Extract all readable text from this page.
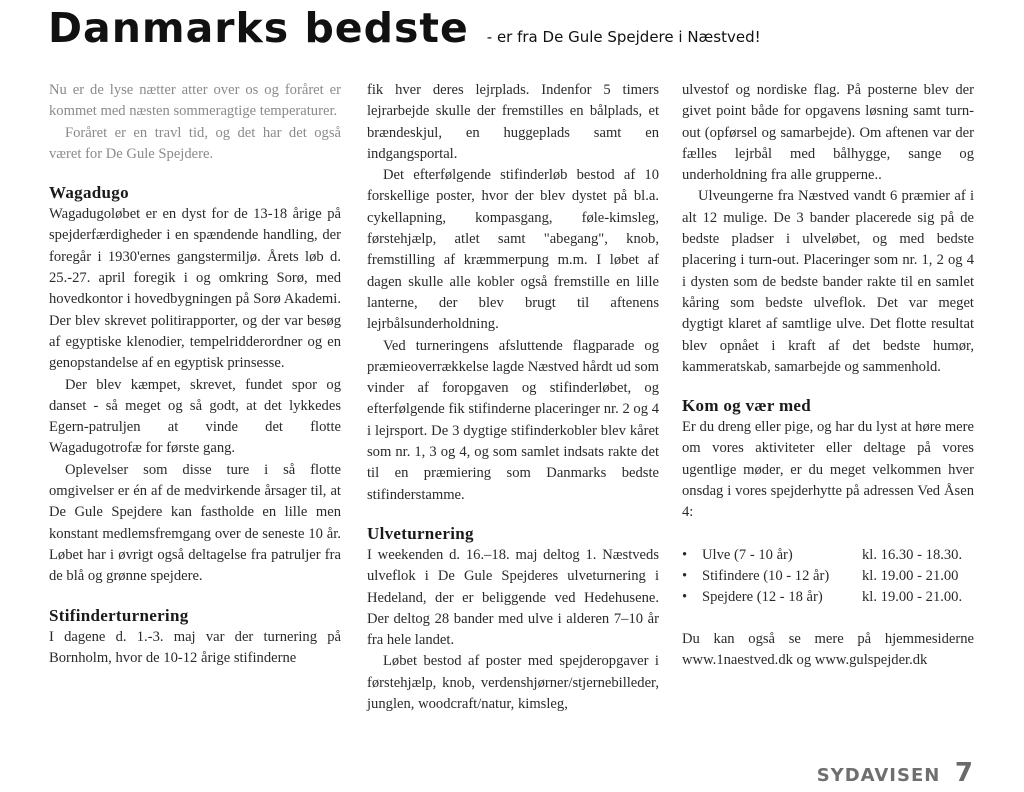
Danmarks bedste - er fra De Gule Spejdere i Næstved!

Nu er de lyse nætter atter over os og foråret er kommet med næsten sommeragtige temperaturer.

Foråret er en travl tid, og det har det også været for De Gule Spejdere.

Wagadugo

Wagadugoløbet er en dyst for de 13-18 årige på spejderfærdigheder i en spændende handling, der foregår i 1930'ernes gangstermiljø. Årets løb d. 25.-27. april foregik i og omkring Sorø, med hovedkontor i hovedbygningen på Sorø Akademi. Der blev skrevet politirapporter, og der var besøg af egyptiske klenodier, tempelridderordner og en genopstandelse af en egyptisk prinsesse.

Der blev kæmpet, skrevet, fundet spor og danset - så meget og så godt, at det lykkedes Egern-patruljen at vinde det flotte Wagadugotrofæ for første gang.

Oplevelser som disse ture i så flotte omgivelser er én af de medvirkende årsager til, at De Gule Spejdere kan fastholde en lille men konstant medlemsfremgang over de seneste 10 år. Løbet har i øvrigt også deltagelse fra patruljer fra de blå og grønne spejdere.

Stifinderturnering

I dagene d. 1.-3. maj var der turnering på Bornholm, hvor de 10-12 årige stifinderne

fik hver deres lejrplads. Indenfor 5 timers lejrarbejde skulle der fremstilles en bålplads, et brændeskjul, en huggeplads samt en indgangsportal.

Det efterfølgende stifinderløb bestod af 10 forskellige poster, hvor der blev dystet på bl.a. cykellapning, kompasgang, føle-kimsleg, førstehjælp, atlet samt "abegang", knob, fremstilling af kræmmerpung m.m. I løbet af dagen skulle alle kobler også fremstille en lille lanterne, der blev brugt til aftenens lejrbålsunderholdning.

Ved turneringens afsluttende flagparade og præmieoverrækkelse lagde Næstved hårdt ud som vinder af foropgaven og stifinderløbet, og efterfølgende fik stifinderne placeringer nr. 2 og 4 i lejrsport. De 3 dygtige stifinderkobler blev kåret som nr. 1, 3 og 4, og som samlet indsats rakte det til en præmiering som Danmarks bedste stifinderstamme.

Ulveturnering

I weekenden d. 16.–18. maj deltog 1. Næstveds ulveflok i De Gule Spejderes ulveturnering i Hedeland, der er beliggende ved Hedehusene. Der deltog 28 bander med ulve i alderen 7–10 år fra hele landet.

Løbet bestod af poster med spejderopgaver i førstehjælp, knob, verdenshjørner/stjernebilleder, junglen, woodcraft/natur, kimsleg,

ulvestof og nordiske flag. På posterne blev der givet point både for opgavens løsning samt turn-out (opførsel og samarbejde). Om aftenen var der fælles lejrbål med bålhygge, sange og underholdning fra alle grupperne..

Ulveungerne fra Næstved vandt 6 præmier af i alt 12 mulige. De 3 bander placerede sig på de bedste pladser i ulveløbet, og med bedste placering i turn-out. Placeringer som nr. 1, 2 og 4 i dysten som de bedste bander rakte til en samlet kåring som bedste ulveflok. Det var meget dygtigt klaret af samtlige ulve. Det flotte resultat blev opnået i kraft af det bedste humør, kammeratskab, samarbejde og sammenhold.

Kom og vær med

Er du dreng eller pige, og har du lyst at høre mere om vores aktiviteter eller deltage på vores ugentlige møder, er du meget velkommen hver onsdag i vores spejderhytte på adressen Ved Åsen 4:

•	Ulve (7 - 10 år)	kl. 16.30 - 18.30.
•	Stifindere (10 - 12 år)	kl. 19.00 - 21.00
•	Spejdere (12 - 18 år)	kl. 19.00 - 21.00.

Du kan også se mere på hjemmesiderne www.1naestved.dk og www.gulspejder.dk

SYDAVISEN 7
